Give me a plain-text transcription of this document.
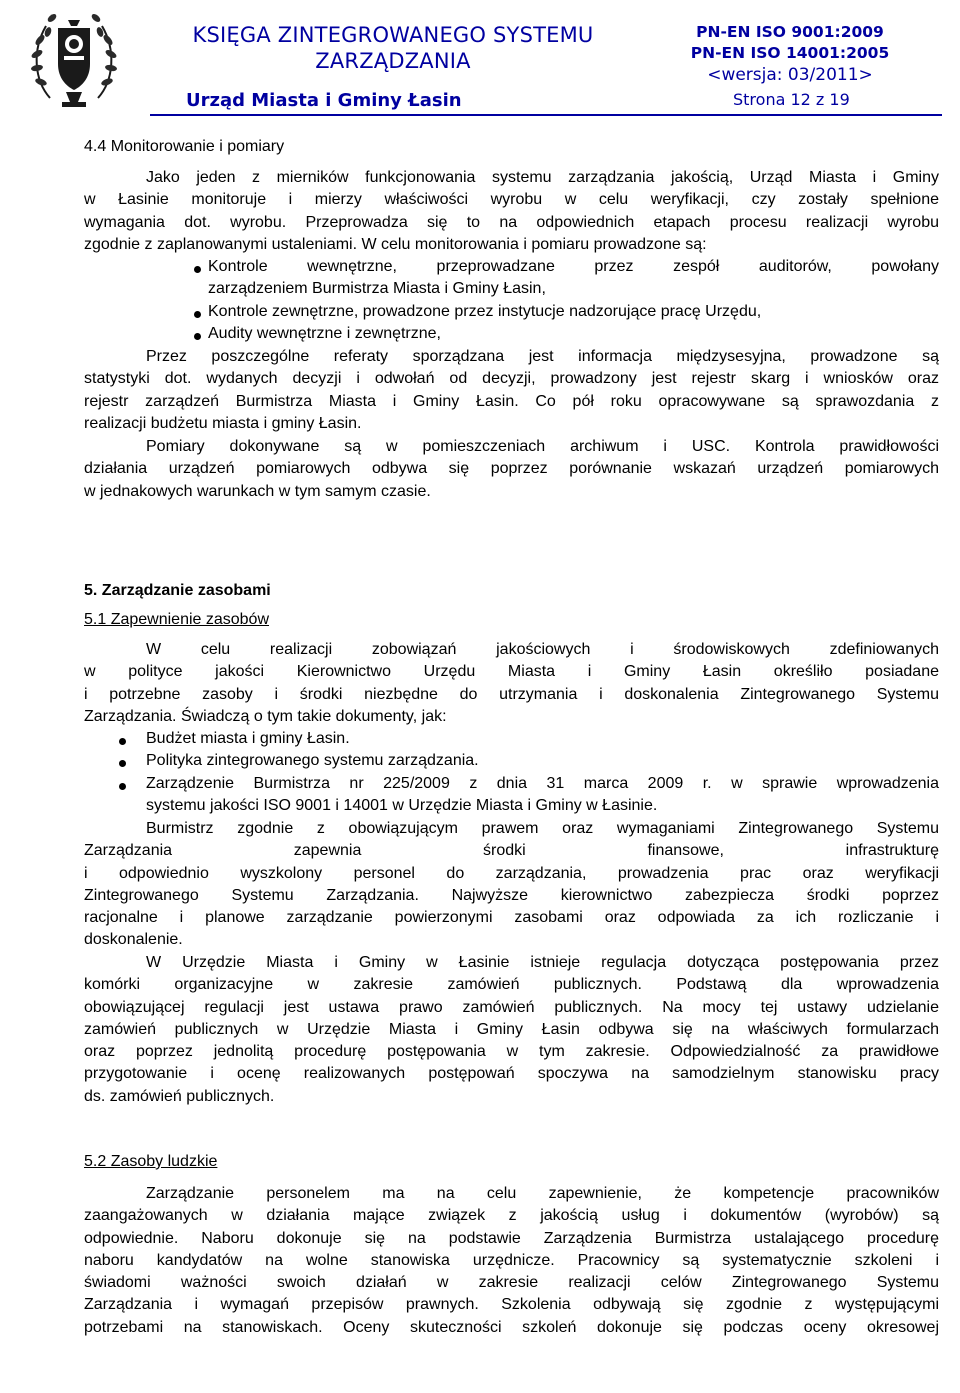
KSIĘGA ZINTEGROWANEGO SYSTEMU
ZARZĄDZANIA
PN-EN ISO 9001:2009
PN-EN ISO 14001:2005
<wersja: 03/2011>
Urząd Miasta i Gminy Łasin	Strona 12 z 19
4.4 Monitorowanie i pomiary
Jako jeden z mierników funkcjonowania systemu zarządzania jakością, Urząd Miasta i Gminy
w Łasinie monitoruje i mierzy właściwości wyrobu w celu weryfikacji, czy zostały spełnione
wymagania dot. wyrobu. Przeprowadza się to na odpowiednich etapach procesu realizacji wyrobu
zgodnie z zaplanowanymi ustaleniami. W celu monitorowania i pomiaru prowadzone są:
Kontrole wewnętrzne, przeprowadzane przez zespół auditorów, powołany
zarządzeniem Burmistrza Miasta i Gminy Łasin,
Kontrole zewnętrzne, prowadzone przez instytucje nadzorujące pracę Urzędu,
Audity wewnętrzne i zewnętrzne,
Przez poszczególne referaty sporządzana jest informacja międzysesyjna, prowadzone są
statystyki dot. wydanych decyzji i odwołań od decyzji, prowadzony jest rejestr skarg i wniosków oraz
rejestr zarządzeń Burmistrza Miasta i Gminy Łasin. Co pół roku opracowywane są sprawozdania z
realizacji budżetu miasta i gminy Łasin.
Pomiary dokonywane są w pomieszczeniach archiwum i USC. Kontrola prawidłowości
działania urządzeń pomiarowych odbywa się poprzez porównanie wskazań urządzeń pomiarowych
w jednakowych warunkach w tym samym czasie.
5. Zarządzanie zasobami
5.1 Zapewnienie zasobów
W celu realizacji zobowiązań jakościowych i środowiskowych zdefiniowanych
w polityce jakości Kierownictwo Urzędu Miasta i Gminy Łasin określiło posiadane
i potrzebne zasoby i środki niezbędne do utrzymania i doskonalenia Zintegrowanego Systemu
Zarządzania. Świadczą o tym takie dokumenty, jak:
Budżet miasta i gminy Łasin.
Polityka zintegrowanego systemu zarządzania.
Zarządzenie Burmistrza nr 225/2009 z dnia 31 marca 2009 r. w sprawie wprowadzenia
systemu jakości ISO 9001 i 14001 w Urzędzie Miasta i Gminy w Łasinie.
Burmistrz zgodnie z obowiązującym prawem oraz wymaganiami Zintegrowanego Systemu
Zarządzania zapewnia środki finansowe, infrastrukturę
i odpowiednio wyszkolony personel do zarządzania, prowadzenia prac oraz weryfikacji
Zintegrowanego Systemu Zarządzania. Najwyższe kierownictwo zabezpiecza środki poprzez
racjonalne i planowe zarządzanie powierzonymi zasobami oraz odpowiada za ich rozliczanie i
doskonalenie.
W Urzędzie Miasta i Gminy w Łasinie istnieje regulacja dotycząca postępowania przez
komórki organizacyjne w zakresie zamówień publicznych. Podstawą dla wprowadzenia
obowiązującej regulacji jest ustawa prawo zamówień publicznych. Na mocy tej ustawy udzielanie
zamówień publicznych w Urzędzie Miasta i Gminy Łasin odbywa się na właściwych formularzach
oraz poprzez jednolitą procedurę postępowania w tym zakresie. Odpowiedzialność za prawidłowe
przygotowanie i ocenę realizowanych postępowań spoczywa na samodzielnym stanowisku pracy
ds. zamówień publicznych.
5.2 Zasoby ludzkie
Zarządzanie personelem ma na celu zapewnienie, że kompetencje pracowników
zaangażowanych w działania mające związek z jakością usług i dokumentów (wyrobów) są
odpowiednie. Naboru dokonuje się na podstawie Zarządzenia Burmistrza ustalającego procedurę
naboru kandydatów na wolne stanowiska urzędnicze. Pracownicy są systematycznie szkoleni i
świadomi ważności swoich działań w zakresie realizacji celów Zintegrowanego Systemu
Zarządzania i wymagań przepisów prawnych. Szkolenia odbywają się zgodnie z występującymi
potrzebami na stanowiskach. Oceny skuteczności szkoleń dokonuje się podczas oceny okresowej
